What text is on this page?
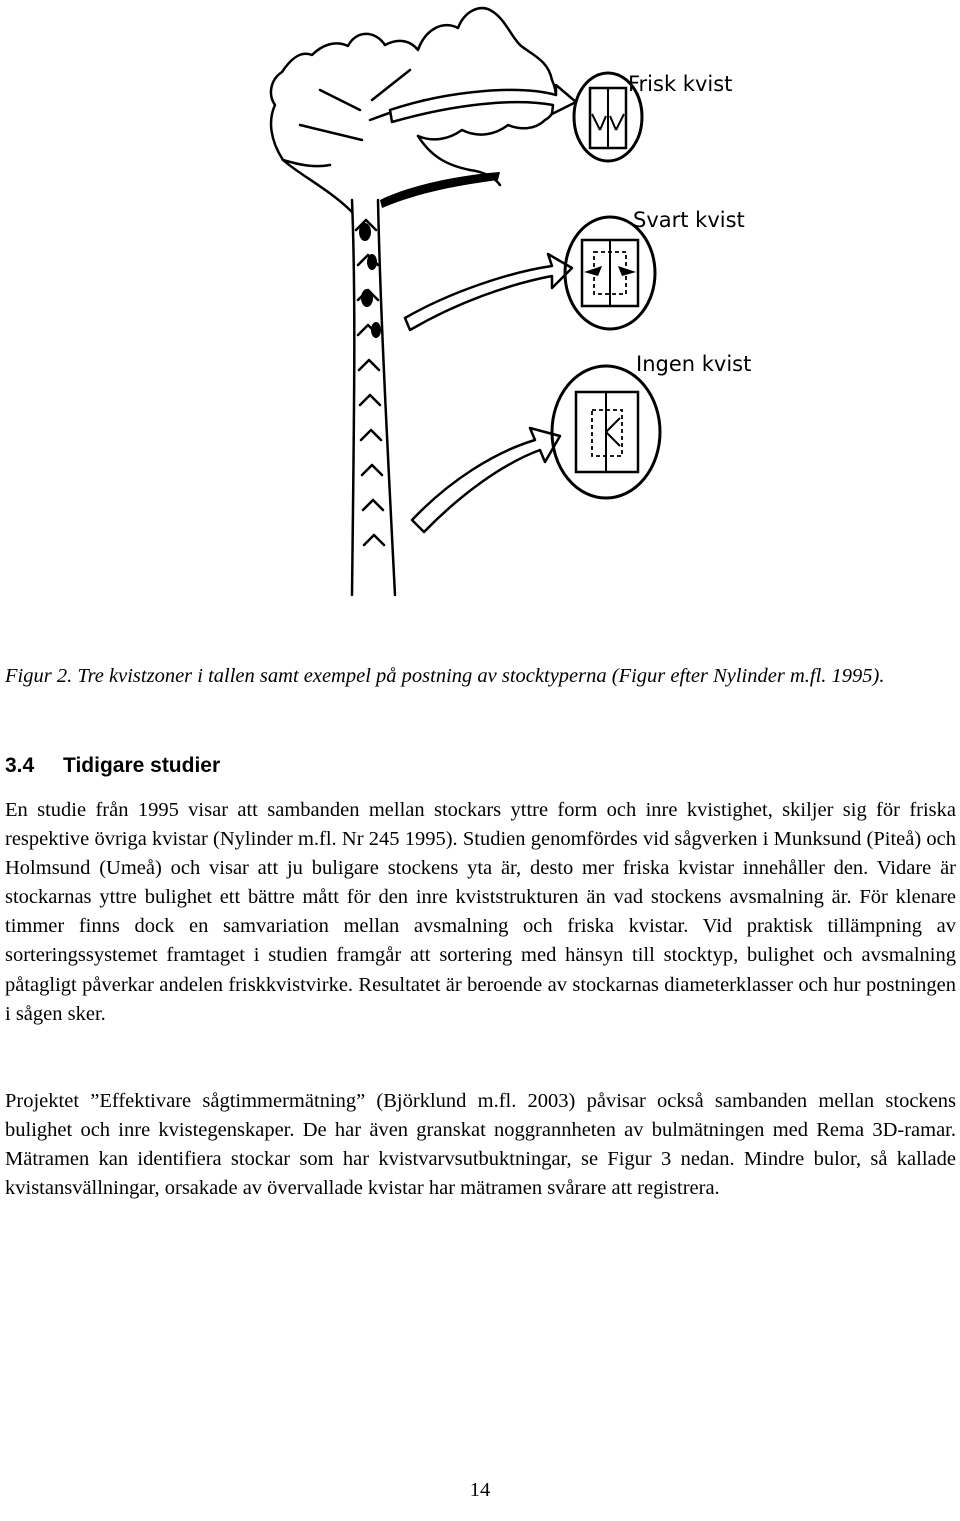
Frisk kvist
Svart kvist
Ingen kvist
Figur 2. Tre kvistzoner i tallen samt exempel på postning av stocktyperna (Figur efter Nylinder m.fl. 1995).
3.4 Tidigare studier
En studie från 1995 visar att sambanden mellan stockars yttre form och inre kvistighet, skiljer sig för friska respektive övriga kvistar (Nylinder m.fl. Nr 245 1995). Studien genomfördes vid sågverken i Munksund (Piteå) och Holmsund (Umeå) och visar att ju buligare stockens yta är, desto mer friska kvistar innehåller den. Vidare är stockarnas yttre bulighet ett bättre mått för den inre kviststrukturen än vad stockens avsmalning är. För klenare timmer finns dock en samvariation mellan avsmalning och friska kvistar. Vid praktisk tillämpning av sorteringssystemet framtaget i studien framgår att sortering med hänsyn till stocktyp, bulighet och avsmalning påtagligt påverkar andelen friskkvistvirke. Resultatet är beroende av stockarnas diameterklasser och hur postningen i sågen sker.
Projektet ”Effektivare sågtimmermätning” (Björklund m.fl. 2003) påvisar också sambanden mellan stockens bulighet och inre kvistegenskaper. De har även granskat noggrannheten av bulmätningen med Rema 3D-ramar. Mätramen kan identifiera stockar som har kvistvarvsutbuktningar, se Figur 3 nedan. Mindre bulor, så kallade kvistansvällningar, orsakade av övervallade kvistar har mätramen svårare att registrera.
14
